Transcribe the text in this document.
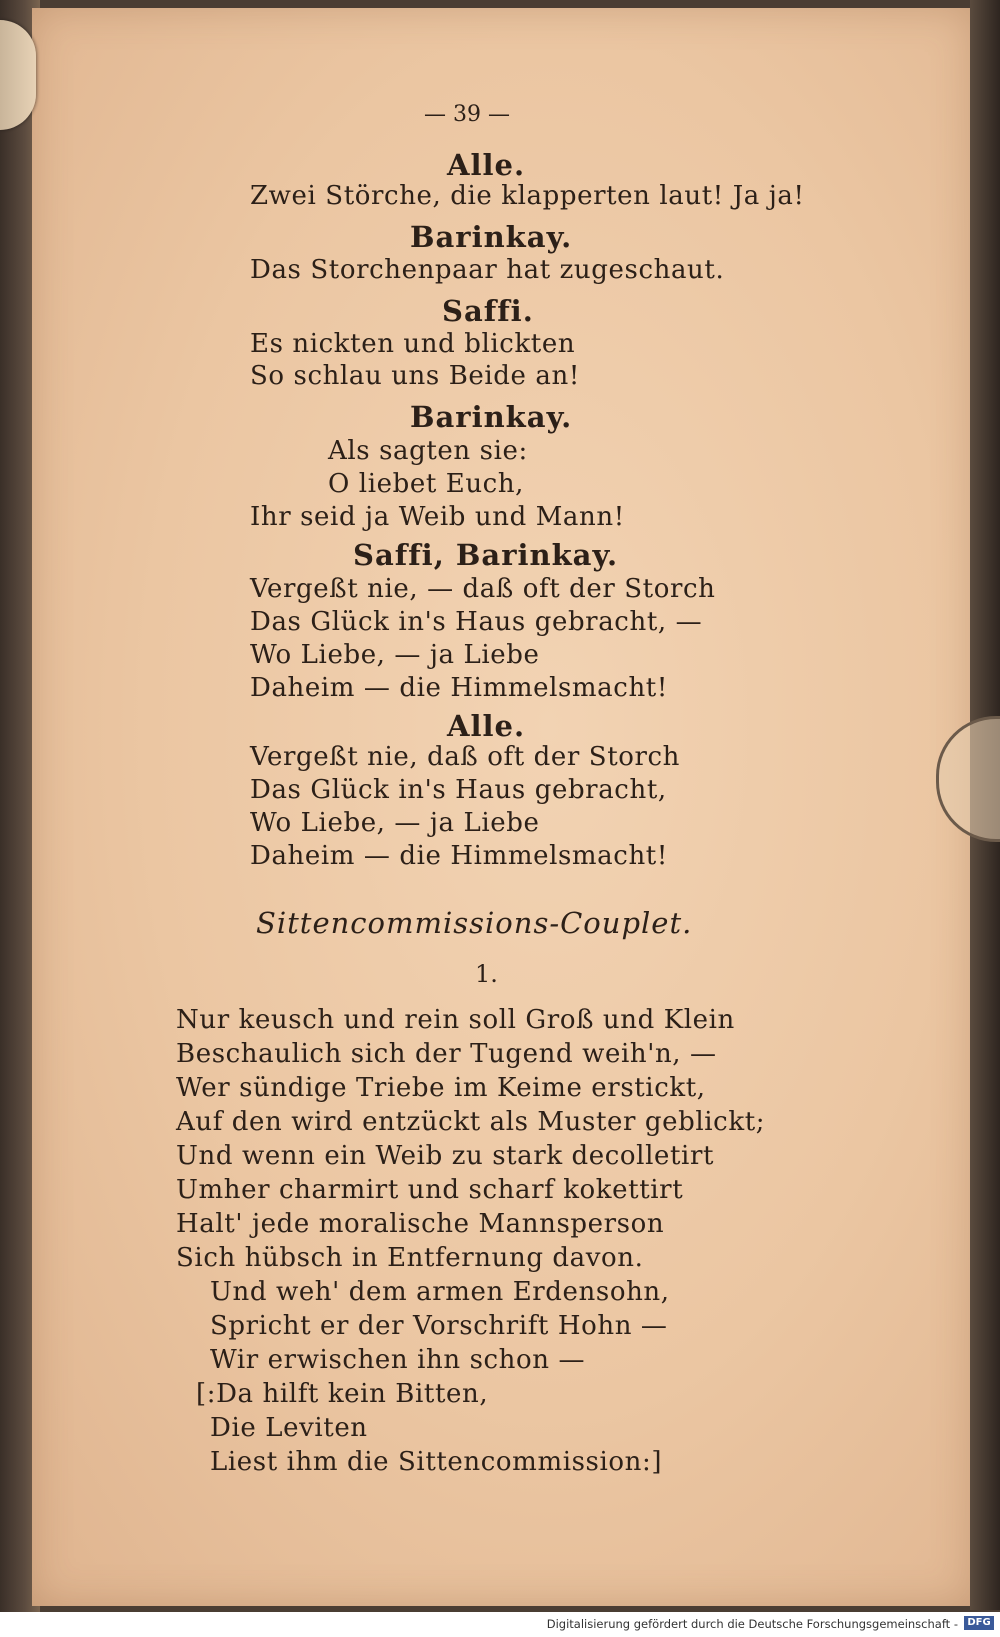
— 39 —
Alle.
Zwei Störche, die klapperten laut! Ja ja!
Barinkay.
Das Storchenpaar hat zugeschaut.
Saffi.
Es nickten und blickten
So schlau uns Beide an!
Barinkay.
Als sagten sie:
O liebet Euch,
Ihr seid ja Weib und Mann!
Saffi, Barinkay.
Vergeßt nie, — daß oft der Storch
Das Glück in's Haus gebracht, —
Wo Liebe, — ja Liebe
Daheim — die Himmelsmacht!
Alle.
Vergeßt nie, daß oft der Storch
Das Glück in's Haus gebracht,
Wo Liebe, — ja Liebe
Daheim — die Himmelsmacht!
Sittencommissions-Couplet.
1.
Nur keusch und rein soll Groß und Klein
Beschaulich sich der Tugend weih'n, —
Wer sündige Triebe im Keime erstickt,
Auf den wird entzückt als Muster geblickt;
Und wenn ein Weib zu stark decolletirt
Umher charmirt und scharf kokettirt
Halt' jede moralische Mannsperson
Sich hübsch in Entfernung davon.
Und weh' dem armen Erdensohn,
Spricht er der Vorschrift Hohn —
Wir erwischen ihn schon —
[:Da hilft kein Bitten,
Die Leviten
Liest ihm die Sittencommission:]
Digitalisierung gefördert durch die Deutsche Forschungsgemeinschaft - DFG
